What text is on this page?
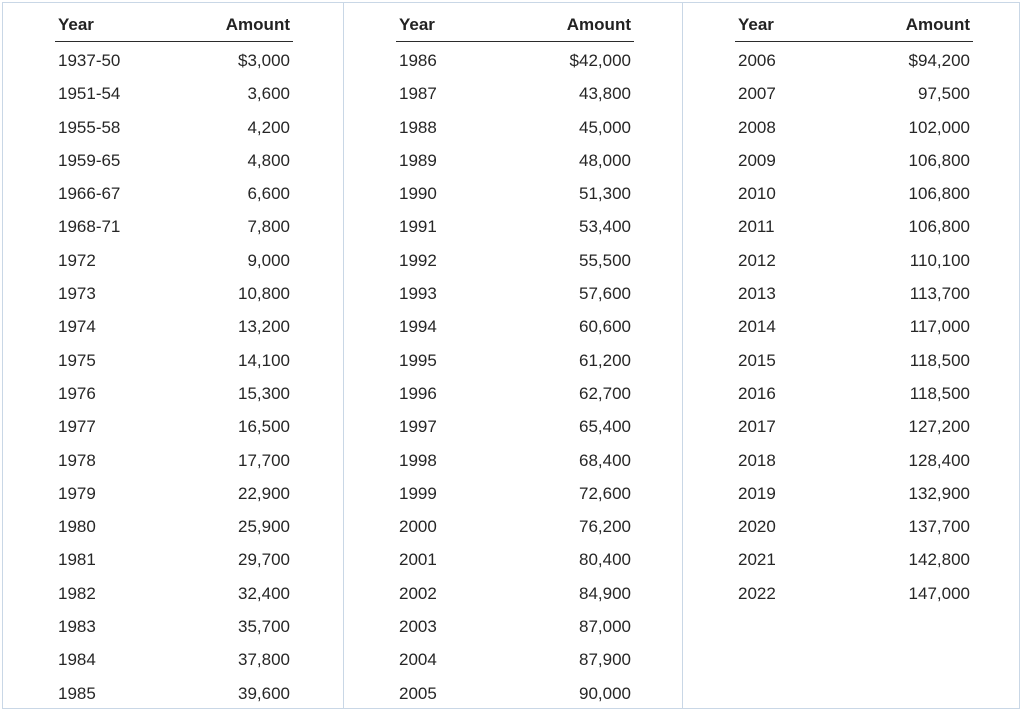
Year	Amount
1937-50	$3,000
1951-54	3,600
1955-58	4,200
1959-65	4,800
1966-67	6,600
1968-71	7,800
1972	9,000
1973	10,800
1974	13,200
1975	14,100
1976	15,300
1977	16,500
1978	17,700
1979	22,900
1980	25,900
1981	29,700
1982	32,400
1983	35,700
1984	37,800
1985	39,600
Year	Amount
1986	$42,000
1987	43,800
1988	45,000
1989	48,000
1990	51,300
1991	53,400
1992	55,500
1993	57,600
1994	60,600
1995	61,200
1996	62,700
1997	65,400
1998	68,400
1999	72,600
2000	76,200
2001	80,400
2002	84,900
2003	87,000
2004	87,900
2005	90,000
Year	Amount
2006	$94,200
2007	97,500
2008	102,000
2009	106,800
2010	106,800
2011	106,800
2012	110,100
2013	113,700
2014	117,000
2015	118,500
2016	118,500
2017	127,200
2018	128,400
2019	132,900
2020	137,700
2021	142,800
2022	147,000
